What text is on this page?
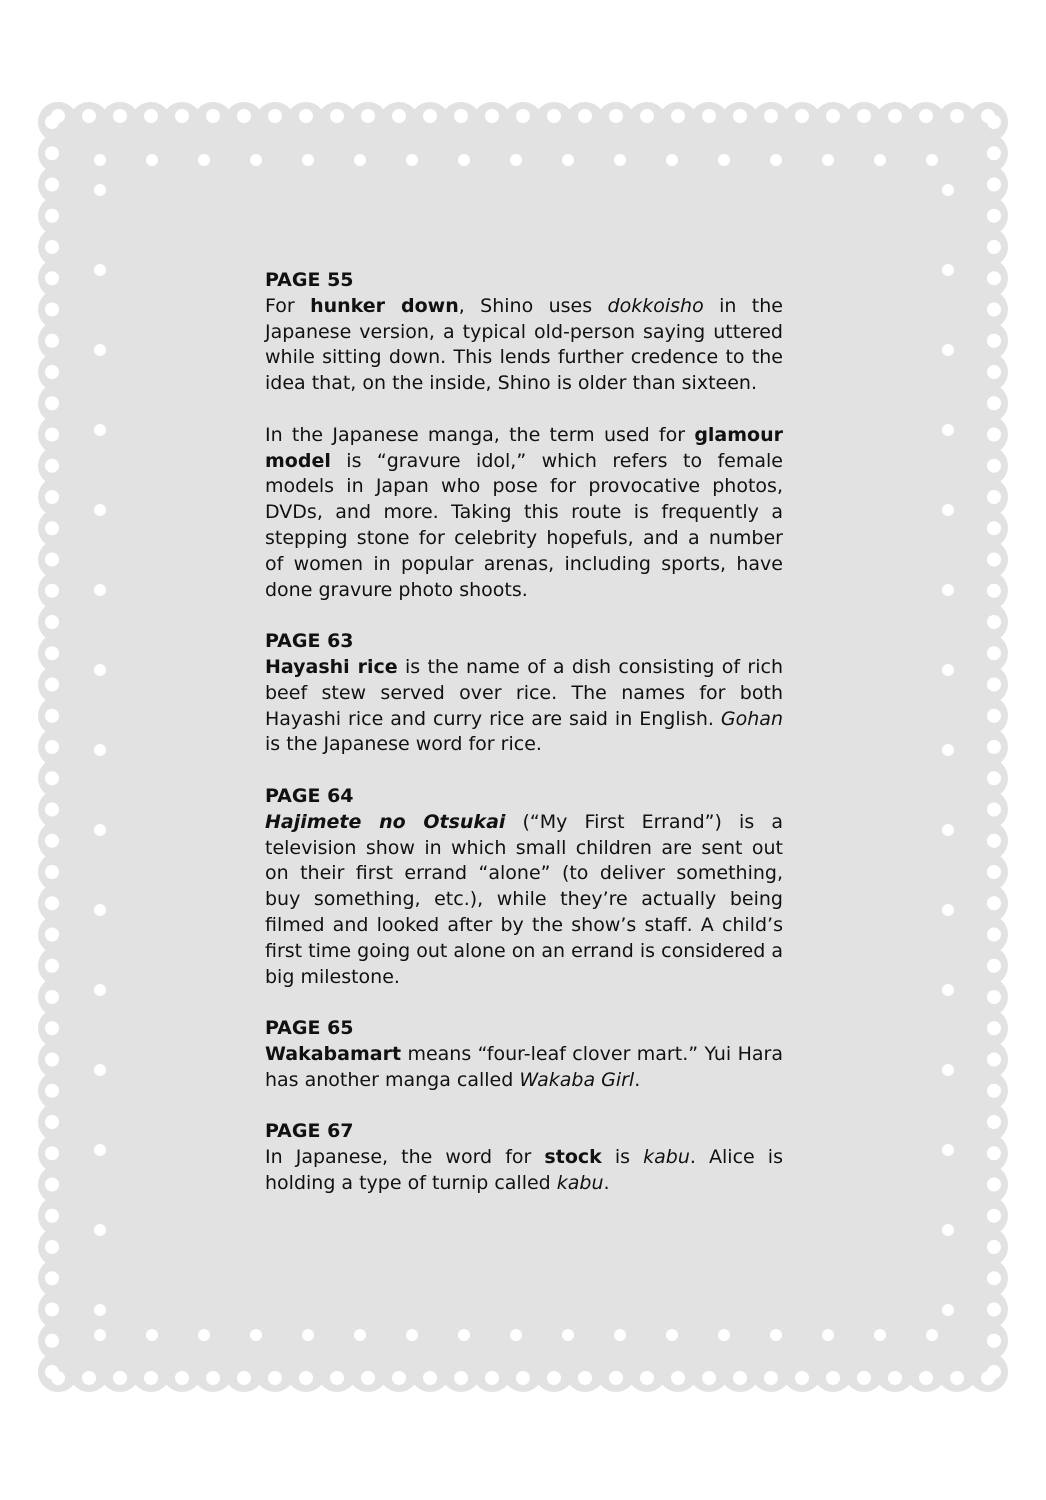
PAGE 55
For hunker down, Shino uses dokkoisho in the Japanese version, a typical old-person saying uttered while sitting down. This lends further credence to the idea that, on the inside, Shino is older than sixteen.
In the Japanese manga, the term used for glamour model is “gravure idol,” which refers to female models in Japan who pose for provocative photos, DVDs, and more. Taking this route is frequently a stepping stone for celebrity hopefuls, and a number of women in popular arenas, including sports, have done gravure photo shoots.
PAGE 63
Hayashi rice is the name of a dish consisting of rich beef stew served over rice. The names for both Hayashi rice and curry rice are said in English. Gohan is the Japanese word for rice.
PAGE 64
Hajimete no Otsukai (“My First Errand”) is a television show in which small children are sent out on their first errand “alone” (to deliver something, buy something, etc.), while they’re actually being filmed and looked after by the show’s staff. A child’s first time going out alone on an errand is considered a big milestone.
PAGE 65
Wakabamart means “four-leaf clover mart.” Yui Hara has another manga called Wakaba Girl.
PAGE 67
In Japanese, the word for stock is kabu. Alice is holding a type of turnip called kabu.
